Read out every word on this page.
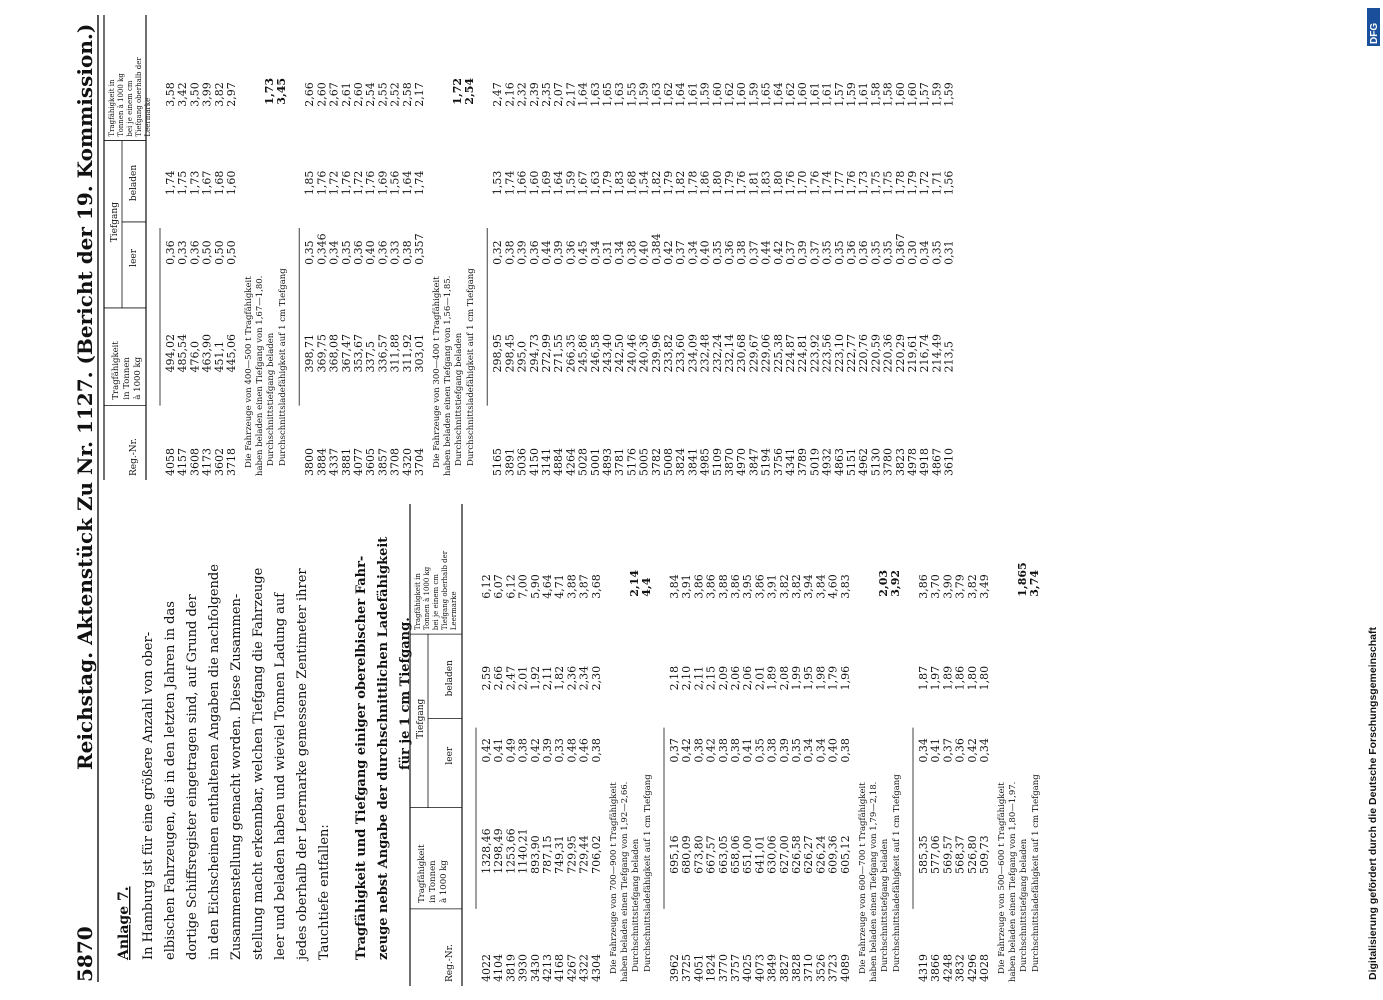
5870
Reichstag. Aktenstück Zu Nr. 1127. (Bericht der 19. Kommission.)
Anlage 7. In Hamburg ist für eine größere Anzahl von ober- elbischen Fahrzeugen, die in den letzten Jahren in das dortige Schiffsregister eingetragen sind, auf Grund der in den Eichscheinen enthaltenen Angaben die nachfolgende Zusammenstellung gemacht worden. Diese Zusammen- stellung macht erkennbar, welchen Tiefgang die Fahrzeuge leer und beladen haben und wieviel Tonnen Ladung auf jedes oberhalb der Leermarke gemessene Zentimeter ihrer Tauchtiefe entfallen: Tragfähigkeit und Tiefgang einiger oberelbischer Fahr- zeuge nebst Angabe der durchschnittlichen Ladefähigkeit für je 1 cm Tiefgang.
Reg.-Nr.
Tragfähigkeit in Tonnen à 1000 kg
Tiefgang
leer
beladen
Tragfähigkeit in Tonnen à 1000 kg bei je einem cm Tiefgang oberhalb der Leermarke
4022
1328,46
0,42
2,59
6,12
4104
1298,49
0,41
2,66
6,07
3819
1253,66
0,49
2,47
6,12
3930
1140,21
0,38
2,01
7,00
3430
893,90
0,42
1,92
5,90
4213
787,15
0,39
2,11
4,64
4168
749,31
0,33
1,82
4,71
4267
729,95
0,48
2,36
3,88
4322
729,44
0,46
2,34
3,87
4304
706,02
0,38
2,30
3,68
Die Fahrzeuge von 700—900 t Tragfähigkeit haben beladen einen Tiefgang von 1,92—2,66. Durchschnittstiefgang beladen
2,14
Durchschnittsladefähigkeit auf 1 cm Tiefgang
4,4
3962
695,16
0,37
2,18
3,84
3725
680,09
0,42
2,10
3,91
4051
673,80
0,38
2,11
3,86
1824
667,57
0,42
2,15
3,86
3770
663,05
0,38
2,09
3,88
3757
658,06
0,38
2,06
3,86
4025
651,00
0,41
2,06
3,95
4073
641,01
0,35
2,01
3,86
3849
630,06
0,38
1,89
3,91
3827
627,00
0,39
2,08
3,82
3828
626,58
0,35
1,99
3,82
3710
626,27
0,34
1,95
3,94
3526
626,24
0,34
1,98
3,84
3723
609,36
0,40
1,79
4,60
4089
605,12
0,38
1,96
3,83
Die Fahrzeuge von 600—700 t Tragfähigkeit haben beladen einen Tiefgang von 1,79—2,18. Durchschnittstiefgang beladen
2,03
Durchschnittsladefähigkeit auf 1 cm Tiefgang
3,92
4319
585,35
0,34
1,87
3,86
3866
577,06
0,41
1,97
3,70
4248
569,57
0,37
1,89
3,90
3832
568,37
0,36
1,86
3,79
4296
526,80
0,42
1,80
3,82
4028
509,73
0,34
1,80
3,49
Die Fahrzeuge von 500—600 t Tragfähigkeit haben beladen einen Tiefgang von 1,80—1,97. Durchschnittstiefgang beladen
1,865
Durchschnittsladefähigkeit auf 1 cm Tiefgang
3,74
Reg.-Nr.
Tragfähigkeit in Tonnen à 1000 kg
Tiefgang
leer
beladen
Tragfähigkeit in Tonnen à 1000 kg bei je einem cm Tiefgang oberhalb der Leermarke
4058
494,02
0,36
1,74
3,58
4157
485,54
0,33
1,75
3,42
3608
476,0
0,36
1,73
3,50
4173
463,90
0,50
1,67
3,99
3602
451,1
0,50
1,68
3,82
3718
445,06
0,50
1,60
2,97
Die Fahrzeuge von 400—500 t Tragfähigkeit haben beladen einen Tiefgang von 1,67—1,80. Durchschnittstiefgang beladen
1,73
Durchschnittsladefähigkeit auf 1 cm Tiefgang
3,45
3800
398,71
0,35
1,85
2,66
3884
369,75
0,346
1,76
2,60
4337
368,08
0,34
1,72
2,67
3881
367,47
0,35
1,76
2,61
4077
353,67
0,36
1,72
2,60
3605
337,5
0,40
1,76
2,54
3857
336,57
0,36
1,69
2,55
3708
311,88
0,33
1,56
2,52
4320
311,92
0,38
1,64
2,58
3704
303,01
0,357
1,74
2,17
Die Fahrzeuge von 300—400 t Tragfähigkeit haben beladen einen Tiefgang von 1,56—1,85. Durchschnittstiefgang beladen
1,72
Durchschnittsladefähigkeit auf 1 cm Tiefgang
2,54
5165
298,95
0,32
1,53
2,47
3891
298,45
0,38
1,74
2,16
5036
295,0
0,39
1,66
2,32
4150
294,73
0,36
1,60
2,39
3141
272,99
0,44
1,69
2,35
4884
271,55
0,39
1,64
2,07
4264
266,35
0,36
1,59
2,17
5028
245,86
0,45
1,67
1,64
5001
246,58
0,34
1,63
1,63
4893
243,40
0,31
1,79
1,65
3781
242,50
0,34
1,83
1,63
5176
240,46
0,38
1,68
1,55
5005
240,36
0,40
1,54
1,59
3782
239,96
0,384
1,82
1,63
5008
233,82
0,42
1,79
1,62
3824
233,60
0,37
1,82
1,64
3841
234,09
0,34
1,78
1,61
4985
232,48
0,40
1,86
1,59
5109
232,24
0,35
1,80
1,60
3870
232,14
0,36
1,79
1,62
4970
230,68
0,38
1,76
1,60
3847
229,67
0,37
1,81
1,59
5194
229,06
0,44
1,83
1,65
3756
225,38
0,42
1,80
1,64
4341
224,87
0,37
1,76
1,62
3789
224,81
0,39
1,70
1,60
5019
223,92
0,37
1,76
1,61
4932
223,56
0,35
1,74
1,61
4863
223,10
0,35
1,77
1,57
5151
222,77
0,36
1,76
1,59
4962
220,76
0,36
1,73
1,61
5130
220,59
0,35
1,75
1,58
3780
220,36
0,35
1,75
1,58
3823
220,29
0,367
1,78
1,60
4978
219,61
0,30
1,79
1,60
4918
216,74
0,34
1,72
1,57
4867
214,49
0,35
1,71
1,59
3610
213,5
0,31
1,56
1,59
Digitalisierung gefördert durch die Deutsche Forschungsgemeinschaft
DFG
